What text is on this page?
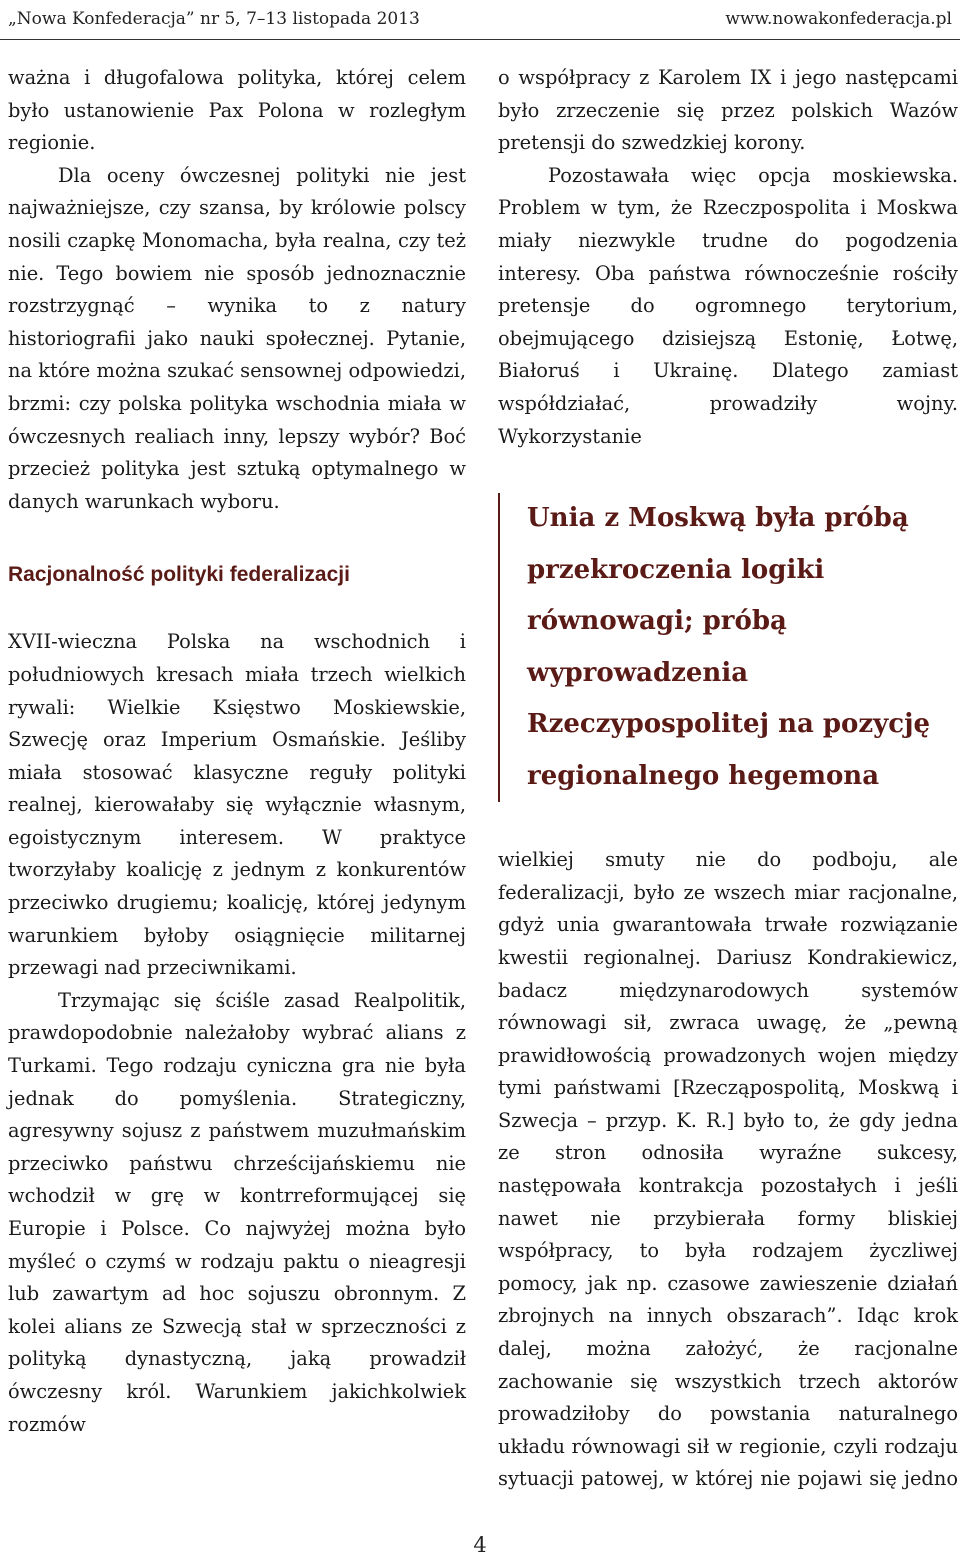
„Nowa Konfederacja” nr 5, 7–13 listopada 2013	www.nowakonfederacja.pl

ważna i długofalowa polityka, której celem było ustanowienie Pax Polona w rozległym regionie.

Dla oceny ówczesnej polityki nie jest najważniejsze, czy szansa, by królowie polscy nosili czapkę Monomacha, była realna, czy też nie. Tego bowiem nie sposób jednoznacznie rozstrzygnąć – wynika to z natury historiografii jako nauki społecznej. Pytanie, na które można szukać sensownej odpowiedzi, brzmi: czy polska polityka wschodnia miała w ówczesnych realiach inny, lepszy wybór? Boć przecież polityka jest sztuką optymalnego w danych warunkach wyboru.

Racjonalność polityki federalizacji

XVII-wieczna Polska na wschodnich i południowych kresach miała trzech wielkich rywali: Wielkie Księstwo Moskiewskie, Szwecję oraz Imperium Osmańskie. Jeśliby miała stosować klasyczne reguły polityki realnej, kierowałaby się wyłącznie własnym, egoistycznym interesem. W praktyce tworzyłaby koalicję z jednym z konkurentów przeciwko drugiemu; koalicję, której jedynym warunkiem byłoby osiągnięcie militarnej przewagi nad przeciwnikami.

Trzymając się ściśle zasad Realpolitik, prawdopodobnie należałoby wybrać alians z Turkami. Tego rodzaju cyniczna gra nie była jednak do pomyślenia. Strategiczny, agresywny sojusz z państwem muzułmańskim przeciwko państwu chrześcijańskiemu nie wchodził w grę w kontrreformującej się Europie i Polsce. Co najwyżej można było myśleć o czymś w rodzaju paktu o nieagresji lub zawartym ad hoc sojuszu obronnym. Z kolei alians ze Szwecją stał w sprzeczności z polityką dynastyczną, jaką prowadził ówczesny król. Warunkiem jakichkolwiek rozmów

o współpracy z Karolem IX i jego następcami było zrzeczenie się przez polskich Wazów pretensji do szwedzkiej korony.

Pozostawała więc opcja moskiewska. Problem w tym, że Rzeczpospolita i Moskwa miały niezwykle trudne do pogodzenia interesy. Oba państwa równocześnie rościły pretensje do ogromnego terytorium, obejmującego dzisiejszą Estonię, Łotwę, Białoruś i Ukrainę. Dlatego zamiast współdziałać, prowadziły wojny. Wykorzystanie

Unia z Moskwą była próbą przekroczenia logiki równowagi; próbą wyprowadzenia Rzeczypospolitej na pozycję regionalnego hegemona

wielkiej smuty nie do podboju, ale federalizacji, było ze wszech miar racjonalne, gdyż unia gwarantowała trwałe rozwiązanie kwestii regionalnej. Dariusz Kondrakiewicz, badacz międzynarodowych systemów równowagi sił, zwraca uwagę, że „pewną prawidłowością prowadzonych wojen między tymi państwami [Rzecząpospolitą, Moskwą i Szwecja – przyp. K. R.] było to, że gdy jedna ze stron odnosiła wyraźne sukcesy, następowała kontrakcja pozostałych i jeśli nawet nie przybierała formy bliskiej współpracy, to była rodzajem życzliwej pomocy, jak np. czasowe zawieszenie działań zbrojnych na innych obszarach”. Idąc krok dalej, można założyć, że racjonalne zachowanie się wszystkich trzech aktorów prowadziłoby do powstania naturalnego układu równowagi sił w regionie, czyli rodzaju sytuacji patowej, w której nie pojawi się jedno

4
